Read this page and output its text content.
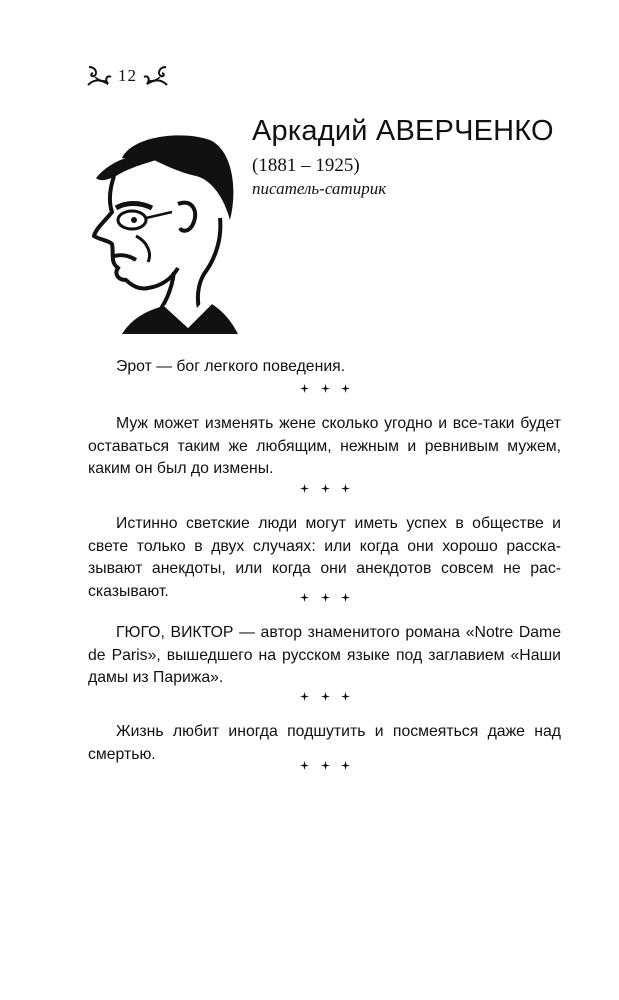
12
Аркадий АВЕРЧЕНКО
(1881 – 1925)
писатель-сатирик
Эрот — бог легкого поведения.
Муж может изменять жене сколько угодно и все-таки будет оставаться таким же любящим, нежным и ревнивым мужем, каким он был до измены.
Истинно светские люди могут иметь успех в обществе и свете только в двух случаях: или когда они хорошо рассказывают анекдоты, или когда они анекдотов совсем не рассказывают.
ГЮГО, ВИКТОР — автор знаменитого романа «Notre Dame de Paris», вышедшего на русском языке под заглавием «Наши дамы из Парижа».
Жизнь любит иногда подшутить и посмеяться даже над смертью.
